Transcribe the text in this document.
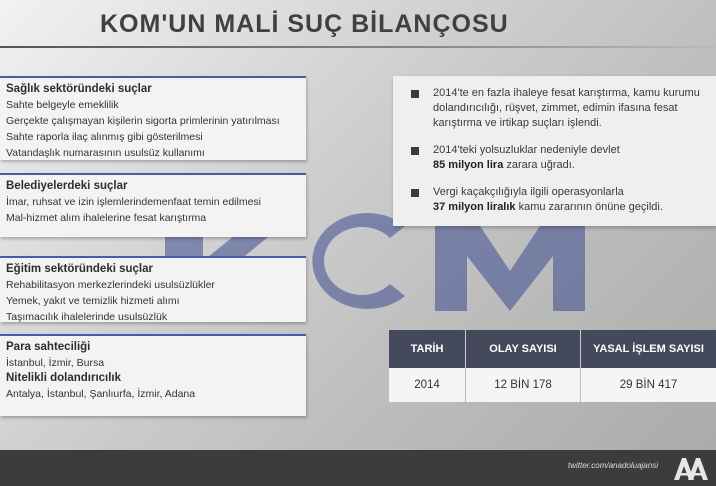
KOM'UN MALİ SUÇ BİLANÇOSU
Sağlık sektöründeki suçlar
Sahte belgeyle emeklilik
Gerçekte çalışmayan kişilerin sigorta primlerinin yatırılması
Sahte raporla ilaç alınmış gibi gösterilmesi
Vatandaşlık numarasının usulsüz kullanımı
Belediyelerdeki suçlar
İmar, ruhsat ve izin işlemlerindemenfaat temin edilmesi
Mal-hizmet alım ihalelerine fesat karıştırma
Eğitim sektöründeki suçlar
Rehabilitasyon merkezlerindeki usulsüzlükler
Yemek, yakıt ve temizlik hizmeti alımı
Taşımacılık ihalelerinde usulsüzlük
Para sahteciliği
İstanbul, İzmir, Bursa
Nitelikli dolandırıcılık
Antalya, İstanbul, Şanlıurfa, İzmir, Adana
2014'te en fazla ihaleye fesat karıştırma, kamu kurumu dolandırıcılığı, rüşvet, zimmet, edimin ifasına fesat karıştırma ve irtikap suçları işlendi.
2014'teki yolsuzluklar nedeniyle devlet
85 milyon lira zarara uğradı.
Vergi kaçakçılığıyla ilgili operasyonlarla
37 milyon liralık kamu zararının önüne geçildi.
TARİH	OLAY SAYISI	YASAL İŞLEM SAYISI
2014	12 BİN 178	29 BİN 417
twitter.com/anadoluajansi
